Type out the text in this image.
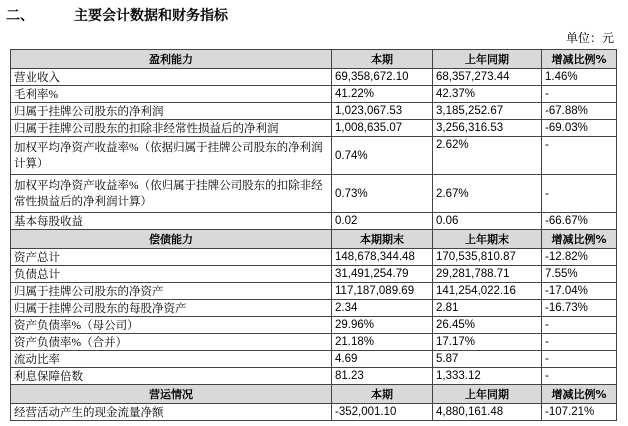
二、	主要会计数据和财务指标
单位：元
盈利能力	本期	上年同期	增减比例%
营业收入	69,358,672.10	68,357,273.44	1.46%
毛利率%	41.22%	42.37%	-
归属于挂牌公司股东的净利润	1,023,067.53	3,185,252.67	-67.88%
归属于挂牌公司股东的扣除非经常性损益后的净利润	1,008,635.07	3,256,316.53	-69.03%
加权平均净资产收益率%（依据归属于挂牌公司股东的净利润计算）	0.74%	2.62%	-
加权平均净资产收益率%（依归属于挂牌公司股东的扣除非经常性损益后的净利润计算）	0.73%	2.67%	-
基本每股收益	0.02	0.06	-66.67%
偿债能力	本期期末	上年期末	增减比例%
资产总计	148,678,344.48	170,535,810.87	-12.82%
负债总计	31,491,254.79	29,281,788.71	7.55%
归属于挂牌公司股东的净资产	117,187,089.69	141,254,022.16	-17.04%
归属于挂牌公司股东的每股净资产	2.34	2.81	-16.73%
资产负债率%（母公司）	29.96%	26.45%	-
资产负债率%（合并）	21.18%	17.17%	-
流动比率	4.69	5.87	-
利息保障倍数	81.23	1,333.12	-
营运情况	本期	上年同期	增减比例%
经营活动产生的现金流量净额	-352,001.10	4,880,161.48	-107.21%
